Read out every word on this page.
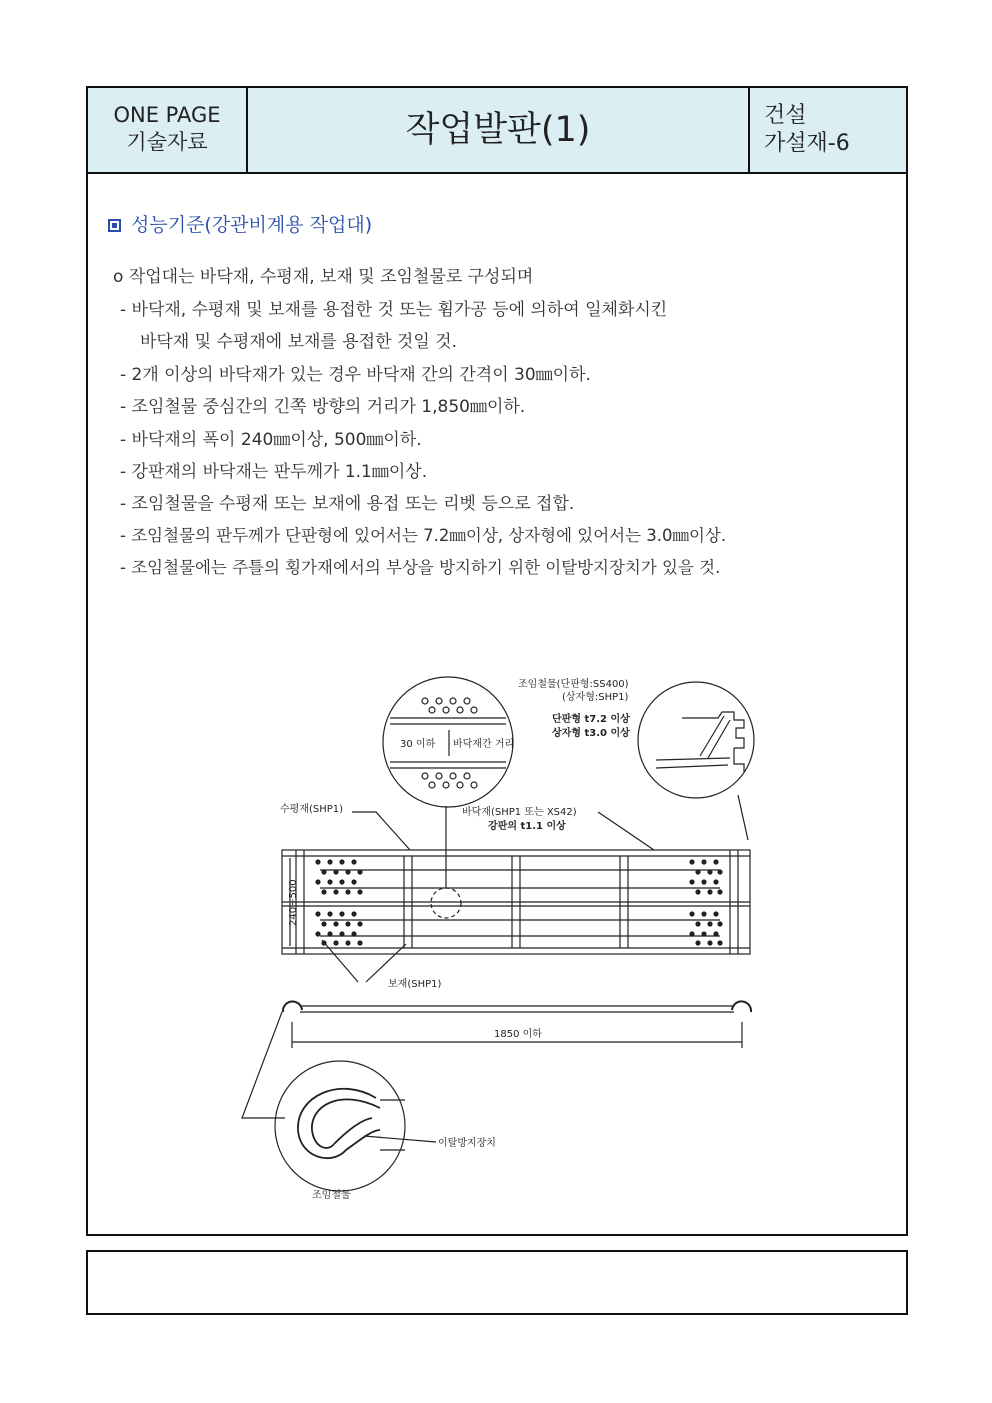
ONE PAGE
기술자료	작업발판(1)	건설
가설재-6
성능기준(강관비계용 작업대)
o 작업대는 바닥재, 수평재, 보재 및 조임철물로 구성되며
- 바닥재, 수평재 및 보재를 용접한 것 또는 휨가공 등에 의하여 일체화시킨
바닥재 및 수평재에 보재를 용접한 것일 것.
- 2개 이상의 바닥재가 있는 경우 바닥재 간의 간격이 30㎜이하.
- 조임철물 중심간의 긴쪽 방향의 거리가 1,850㎜이하.
- 바닥재의 폭이 240㎜이상, 500㎜이하.
- 강판재의 바닥재는 판두께가 1.1㎜이상.
- 조임철물을 수평재 또는 보재에 용접 또는 리벳 등으로 접합.
- 조임철물의 판두께가 단판형에 있어서는 7.2㎜이상, 상자형에 있어서는 3.0㎜이상.
- 조임철물에는 주틀의 횡가재에서의 부상을 방지하기 위한 이탈방지장치가 있을 것.
조임철물(단판형:SS400)
(상자형:SHP1)
단판형 t7.2 이상
상자형 t3.0 이상
30 이하 바닥재간 거리
수평재(SHP1)	바닥재(SHP1 또는 XS42)
강판의 t1.1 이상
240~500
보재(SHP1)
1850 이하
이탈방지장치
조임철물
